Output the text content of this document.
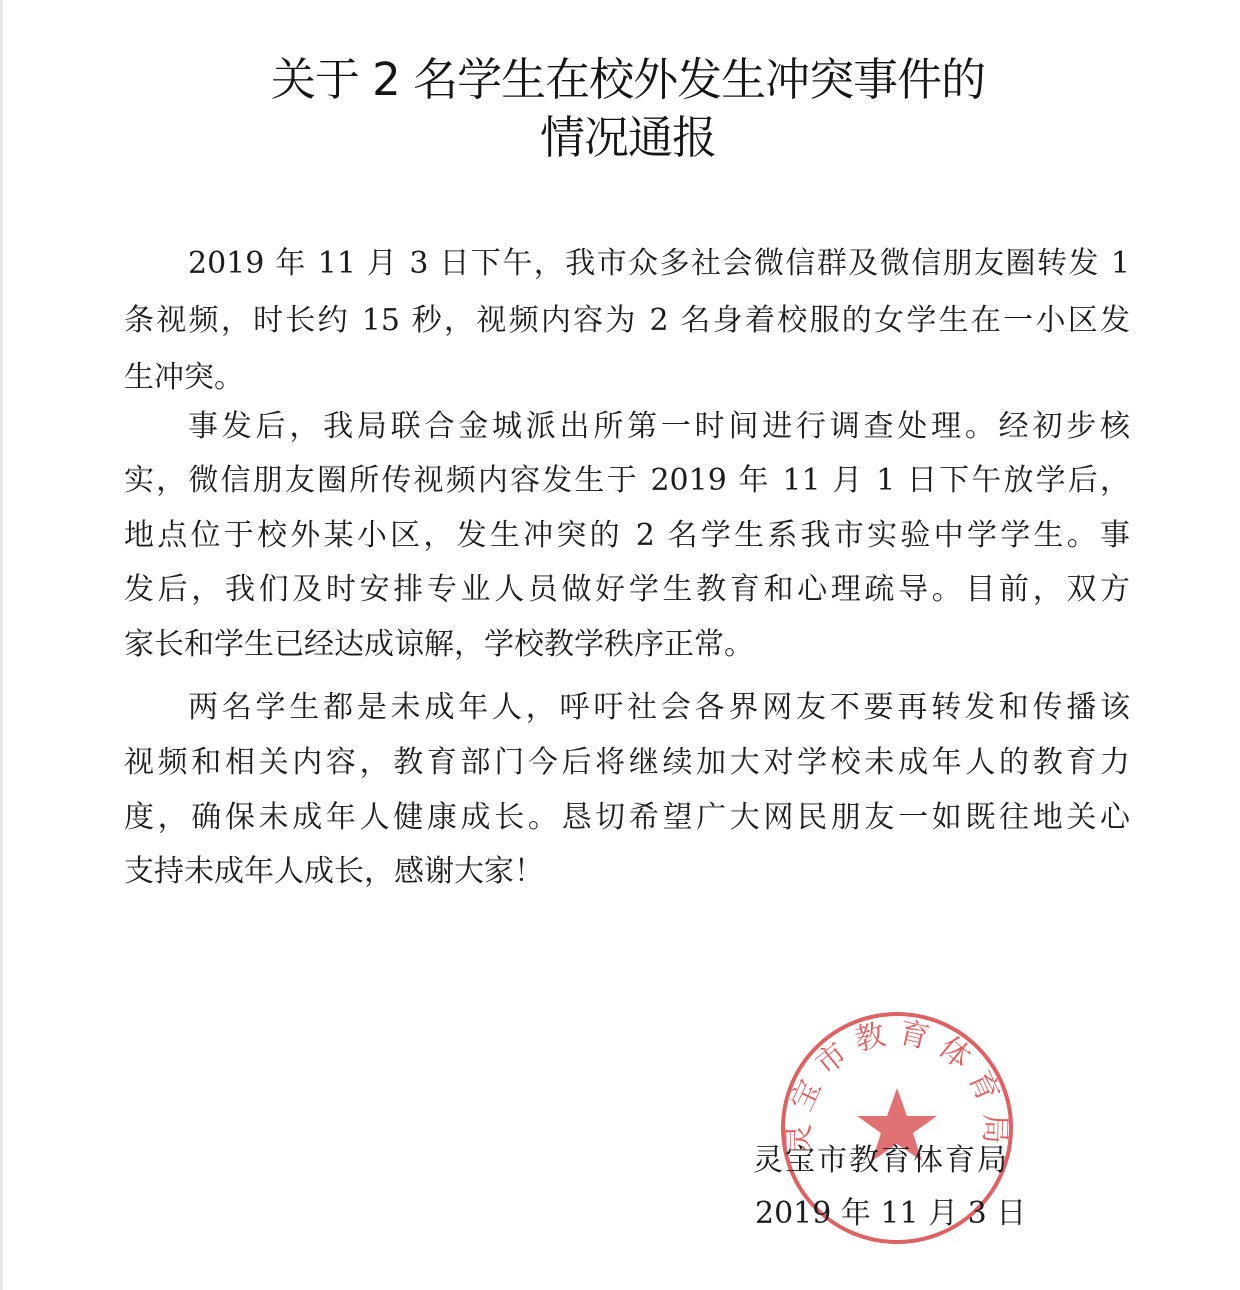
关于 2 名学生在校外发生冲突事件的
情况通报
2019 年 11 月 3 日下午，我市众多社会微信群及微信朋友圈转发 1
条视频，时长约 15 秒，视频内容为 2 名身着校服的女学生在一小区发
生冲突。
事发后，我局联合金城派出所第一时间进行调查处理。经初步核
实，微信朋友圈所传视频内容发生于 2019 年 11 月 1 日下午放学后，
地点位于校外某小区，发生冲突的 2 名学生系我市实验中学学生。事
发后，我们及时安排专业人员做好学生教育和心理疏导。目前，双方
家长和学生已经达成谅解，学校教学秩序正常。
两名学生都是未成年人，呼吁社会各界网友不要再转发和传播该
视频和相关内容，教育部门今后将继续加大对学校未成年人的教育力
度，确保未成年人健康成长。恳切希望广大网民朋友一如既往地关心
支持未成年人成长，感谢大家！
灵宝市教育体育局
灵宝市教育体育局
2019 年 11 月 3 日
